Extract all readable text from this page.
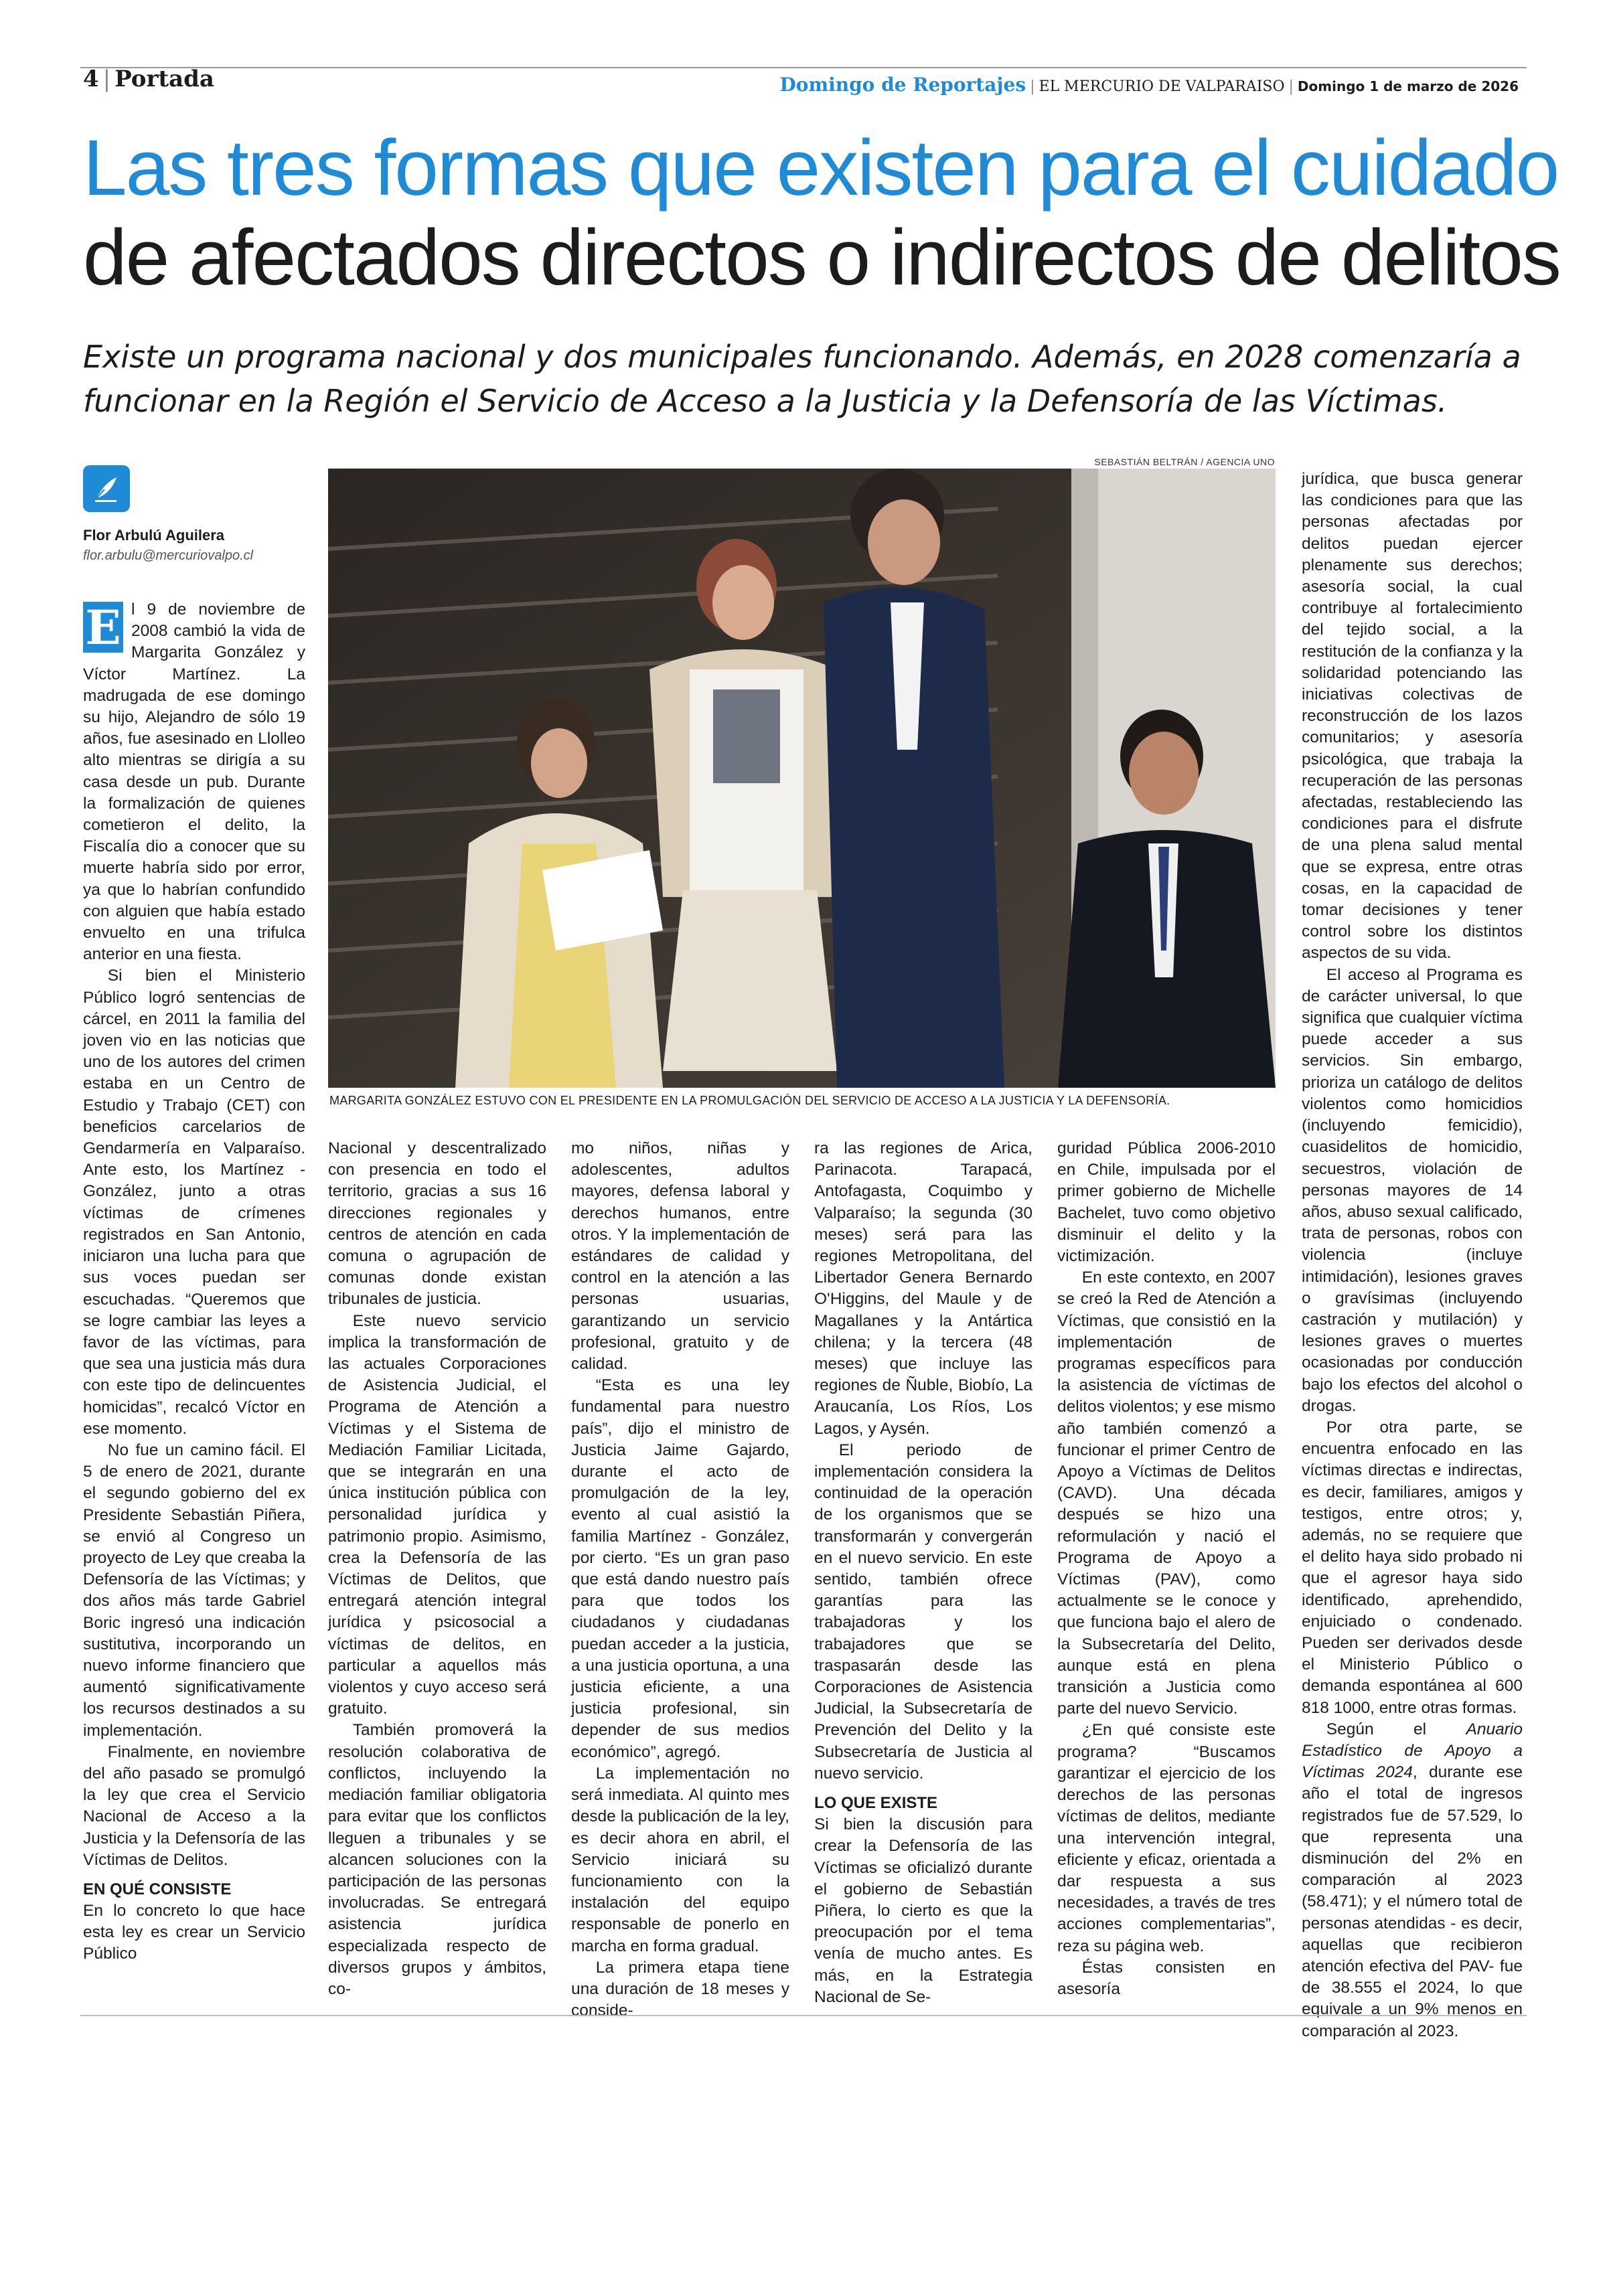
4 | Portada	Domingo de Reportajes | EL MERCURIO DE VALPARAISO | Domingo 1 de marzo de 2026
Las tres formas que existen para el cuidado
de afectados directos o indirectos de delitos
Existe un programa nacional y dos municipales funcionando. Además, en 2028 comenzaría a funcionar en la Región el Servicio de Acceso a la Justicia y la Defensoría de las Víctimas.
Flor Arbulú Aguilera
flor.arbulu@mercuriovalpo.cl
SEBASTIÁN BELTRÁN / AGENCIA UNO
MARGARITA GONZÁLEZ ESTUVO CON EL PRESIDENTE EN LA PROMULGACIÓN DEL SERVICIO DE ACCESO A LA JUSTICIA Y LA DEFENSORÍA.
E l 9 de noviembre de 2008 cambió la vida de Margarita González y Víctor Martínez. La madrugada de ese domingo su hijo, Alejandro de sólo 19 años, fue asesinado en Llolleo alto mientras se dirigía a su casa desde un pub. Durante la formalización de quienes cometieron el delito, la Fiscalía dio a conocer que su muerte habría sido por error, ya que lo habrían confundido con alguien que había estado envuelto en una trifulca anterior en una fiesta.

Si bien el Ministerio Público logró sentencias de cárcel, en 2011 la familia del joven vio en las noticias que uno de los autores del crimen estaba en un Centro de Estudio y Trabajo (CET) con beneficios carcelarios de Gendarmería en Valparaíso. Ante esto, los Martínez - González, junto a otras víctimas de crímenes registrados en San Antonio, iniciaron una lucha para que sus voces puedan ser escuchadas. “Queremos que se logre cambiar las leyes a favor de las víctimas, para que sea una justicia más dura con este tipo de delincuentes homicidas”, recalcó Víctor en ese momento.

No fue un camino fácil. El 5 de enero de 2021, durante el segundo gobierno del ex Presidente Sebastián Piñera, se envió al Congreso un proyecto de Ley que creaba la Defensoría de las Víctimas; y dos años más tarde Gabriel Boric ingresó una indicación sustitutiva, incorporando un nuevo informe financiero que aumentó significativamente los recursos destinados a su implementación.

Finalmente, en noviembre del año pasado se promulgó la ley que crea el Servicio Nacional de Acceso a la Justicia y la Defensoría de las Víctimas de Delitos.

EN QUÉ CONSISTE

En lo concreto lo que hace esta ley es crear un Servicio Público

Nacional y descentralizado con presencia en todo el territorio, gracias a sus 16 direcciones regionales y centros de atención en cada comuna o agrupación de comunas donde existan tribunales de justicia.

Este nuevo servicio implica la transformación de las actuales Corporaciones de Asistencia Judicial, el Programa de Atención a Víctimas y el Sistema de Mediación Familiar Licitada, que se integrarán en una única institución pública con personalidad jurídica y patrimonio propio. Asimismo, crea la Defensoría de las Víctimas de Delitos, que entregará atención integral jurídica y psicosocial a víctimas de delitos, en particular a aquellos más violentos y cuyo acceso será gratuito.

También promoverá la resolución colaborativa de conflictos, incluyendo la mediación familiar obligatoria para evitar que los conflictos lleguen a tribunales y se alcancen soluciones con la participación de las personas involucradas. Se entregará asistencia jurídica especializada respecto de diversos grupos y ámbitos, co-

mo niños, niñas y adolescentes, adultos mayores, defensa laboral y derechos humanos, entre otros. Y la implementación de estándares de calidad y control en la atención a las personas usuarias, garantizando un servicio profesional, gratuito y de calidad.

“Esta es una ley fundamental para nuestro país”, dijo el ministro de Justicia Jaime Gajardo, durante el acto de promulgación de la ley, evento al cual asistió la familia Martínez - González, por cierto. “Es un gran paso que está dando nuestro país para que todos los ciudadanos y ciudadanas puedan acceder a la justicia, a una justicia oportuna, a una justicia eficiente, a una justicia profesional, sin depender de sus medios económico”, agregó.

La implementación no será inmediata. Al quinto mes desde la publicación de la ley, es decir ahora en abril, el Servicio iniciará su funcionamiento con la instalación del equipo responsable de ponerlo en marcha en forma gradual.

La primera etapa tiene una duración de 18 meses y conside-

ra las regiones de Arica, Parinacota. Tarapacá, Antofagasta, Coquimbo y Valparaíso; la segunda (30 meses) será para las regiones Metropolitana, del Libertador Genera Bernardo O'Higgins, del Maule y de Magallanes y la Antártica chilena; y la tercera (48 meses) que incluye las regiones de Ñuble, Biobío, La Araucanía, Los Ríos, Los Lagos, y Aysén.

El periodo de implementación considera la continuidad de la operación de los organismos que se transformarán y convergerán en el nuevo servicio. En este sentido, también ofrece garantías para las trabajadoras y los trabajadores que se traspasarán desde las Corporaciones de Asistencia Judicial, la Subsecretaría de Prevención del Delito y la Subsecretaría de Justicia al nuevo servicio.

LO QUE EXISTE

Si bien la discusión para crear la Defensoría de las Víctimas se oficializó durante el gobierno de Sebastián Piñera, lo cierto es que la preocupación por el tema venía de mucho antes. Es más, en la Estrategia Nacional de Se-

guridad Pública 2006-2010 en Chile, impulsada por el primer gobierno de Michelle Bachelet, tuvo como objetivo disminuir el delito y la victimización.

En este contexto, en 2007 se creó la Red de Atención a Víctimas, que consistió en la implementación de programas específicos para la asistencia de víctimas de delitos violentos; y ese mismo año también comenzó a funcionar el primer Centro de Apoyo a Víctimas de Delitos (CAVD). Una década después se hizo una reformulación y nació el Programa de Apoyo a Víctimas (PAV), como actualmente se le conoce y que funciona bajo el alero de la Subsecretaría del Delito, aunque está en plena transición a Justicia como parte del nuevo Servicio.

¿En qué consiste este programa? “Buscamos garantizar el ejercicio de los derechos de las personas víctimas de delitos, mediante una intervención integral, eficiente y eficaz, orientada a dar respuesta a sus necesidades, a través de tres acciones complementarias”, reza su página web.

Éstas consisten en asesoría

jurídica, que busca generar las condiciones para que las personas afectadas por delitos puedan ejercer plenamente sus derechos; asesoría social, la cual contribuye al fortalecimiento del tejido social, a la restitución de la confianza y la solidaridad potenciando las iniciativas colectivas de reconstrucción de los lazos comunitarios; y asesoría psicológica, que trabaja la recuperación de las personas afectadas, restableciendo las condiciones para el disfrute de una plena salud mental que se expresa, entre otras cosas, en la capacidad de tomar decisiones y tener control sobre los distintos aspectos de su vida.

El acceso al Programa es de carácter universal, lo que significa que cualquier víctima puede acceder a sus servicios. Sin embargo, prioriza un catálogo de delitos violentos como homicidios (incluyendo femicidio), cuasidelitos de homicidio, secuestros, violación de personas mayores de 14 años, abuso sexual calificado, trata de personas, robos con violencia (incluye intimidación), lesiones graves o gravísimas (incluyendo castración y mutilación) y lesiones graves o muertes ocasionadas por conducción bajo los efectos del alcohol o drogas.

Por otra parte, se encuentra enfocado en las víctimas directas e indirectas, es decir, familiares, amigos y testigos, entre otros; y, además, no se requiere que el delito haya sido probado ni que el agresor haya sido identificado, aprehendido, enjuiciado o condenado. Pueden ser derivados desde el Ministerio Público o demanda espontánea al 600 818 1000, entre otras formas.

Según el Anuario Estadístico de Apoyo a Víctimas 2024, durante ese año el total de ingresos registrados fue de 57.529, lo que representa una disminución del 2% en comparación al 2023 (58.471); y el número total de personas atendidas - es decir, aquellas que recibieron atención efectiva del PAV- fue de 38.555 el 2024, lo que equivale a un 9% menos en comparación al 2023.
